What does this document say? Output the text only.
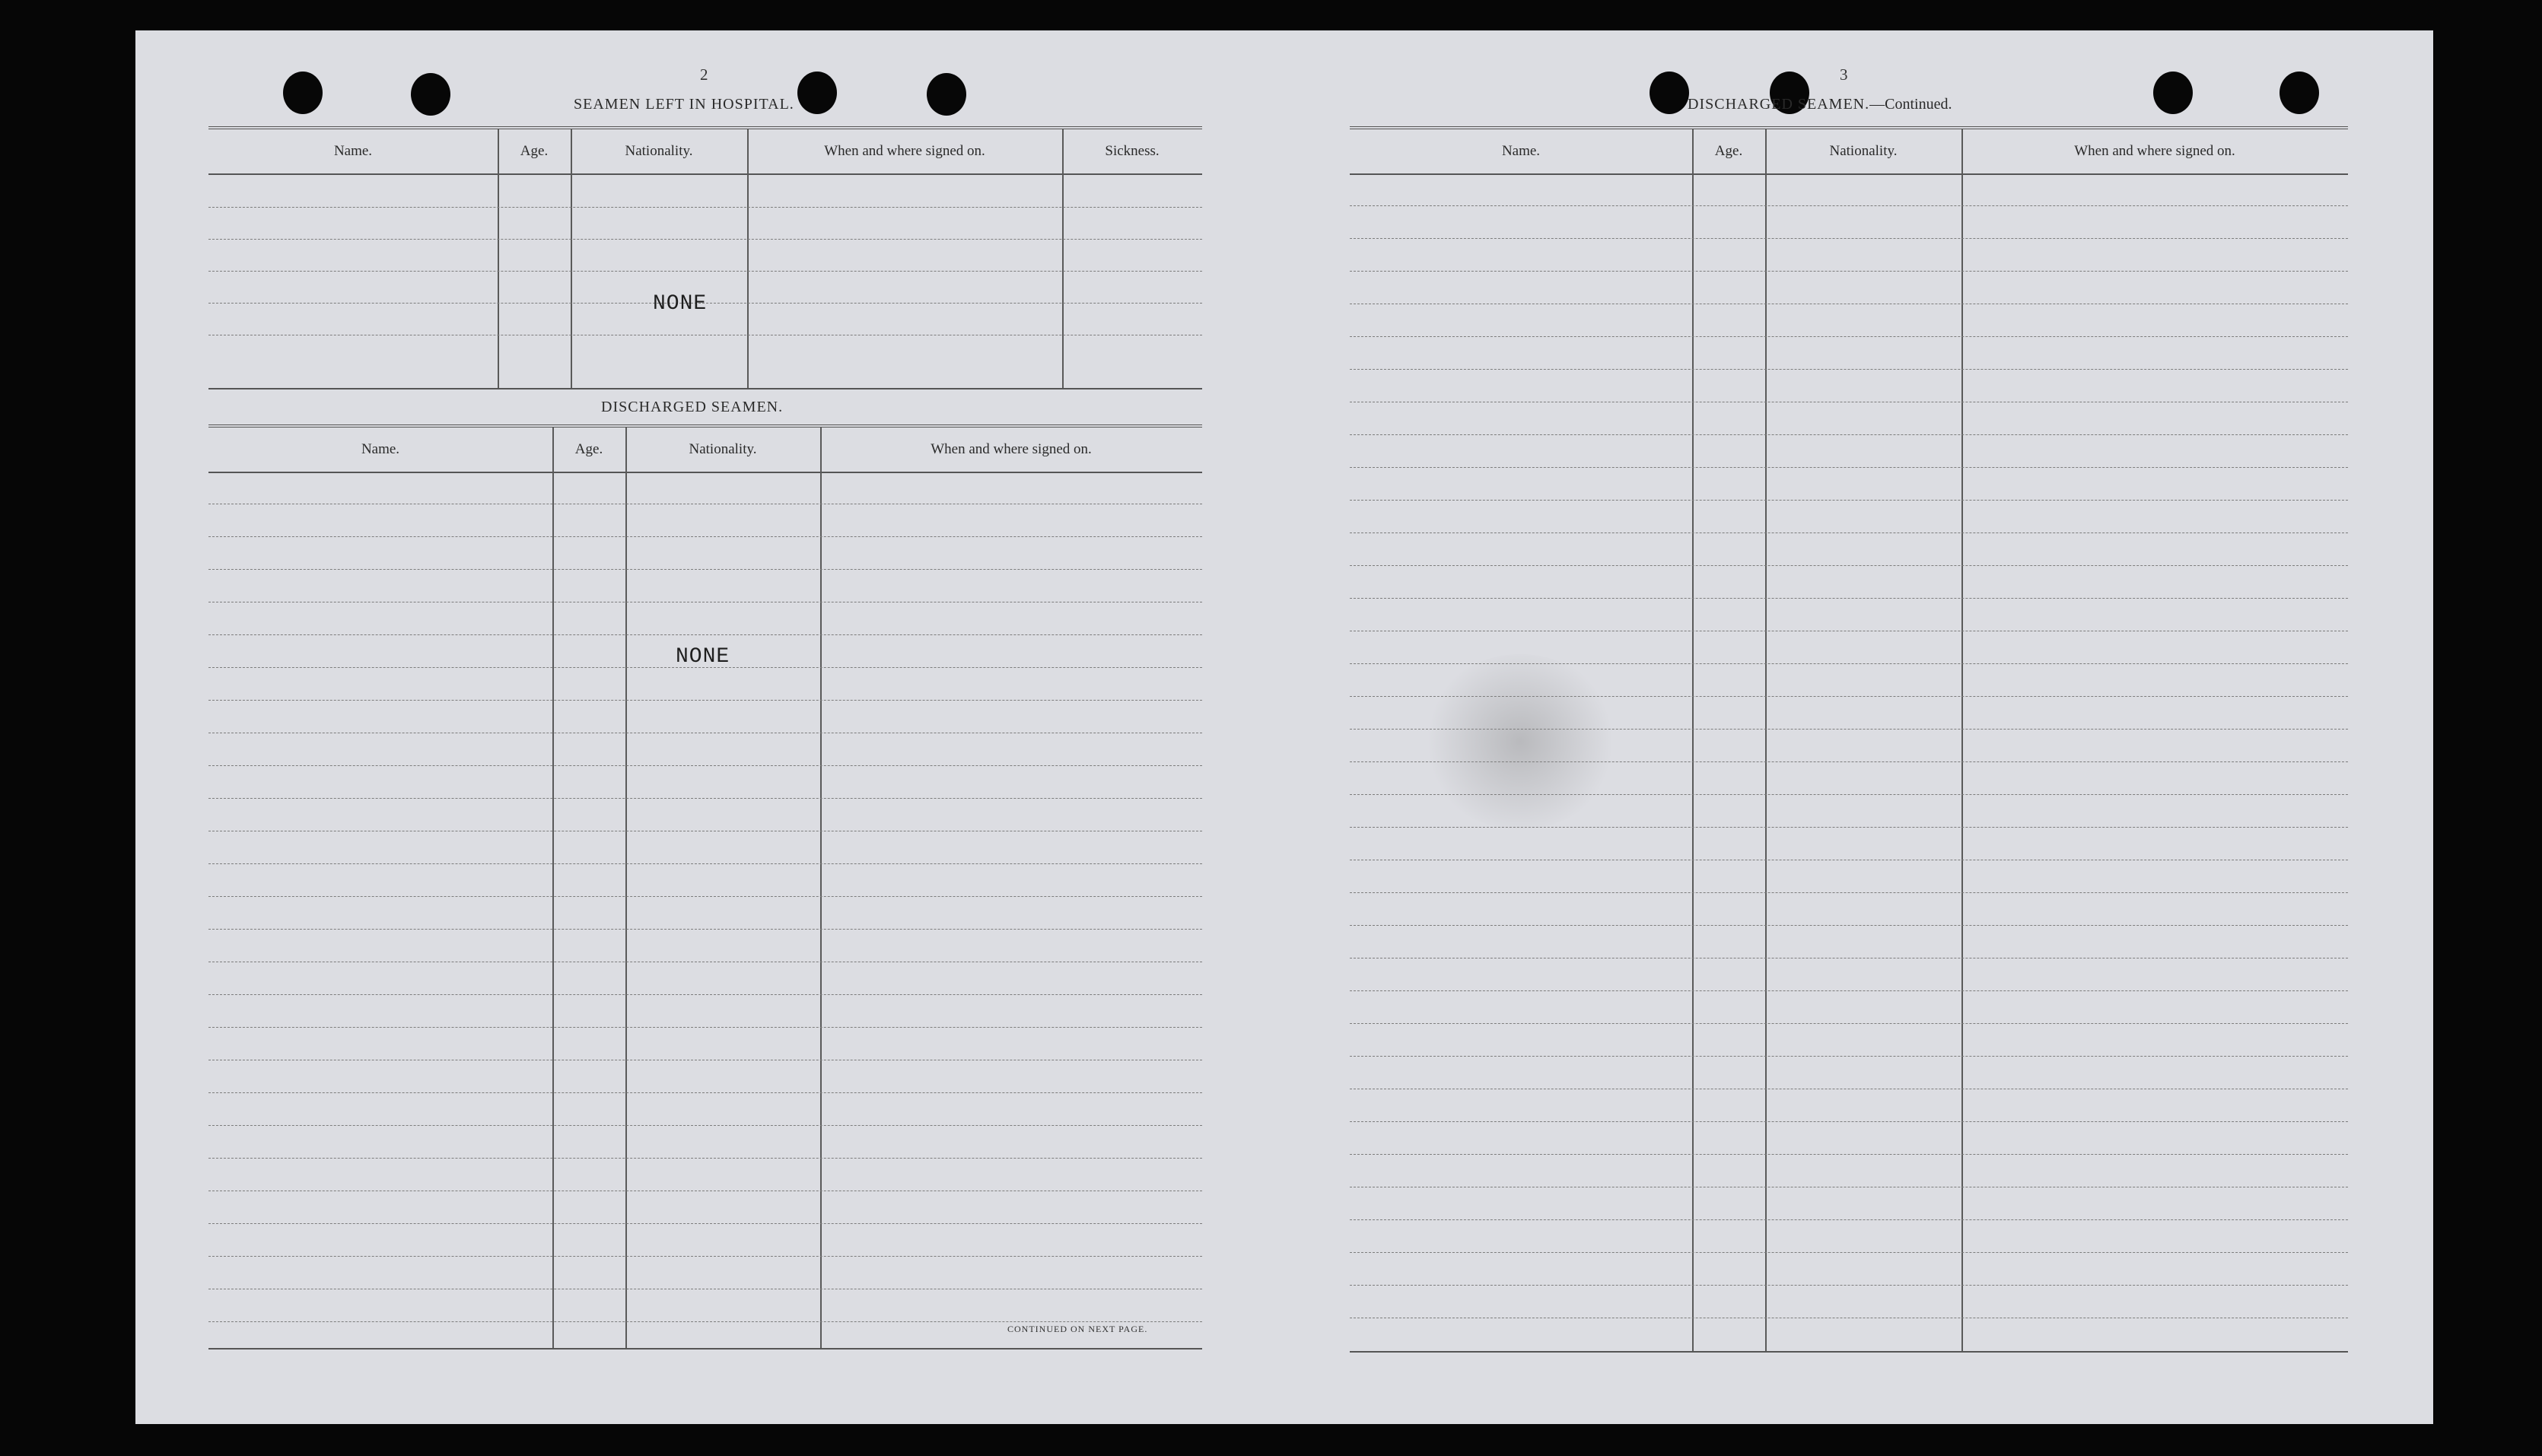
2
SEAMEN LEFT IN HOSPITAL.
Name.	Age.	Nationality.	When and where signed on.	Sickness.
NONE
DISCHARGED SEAMEN.
Name.	Age.	Nationality.	When and where signed on.
NONE
CONTINUED ON NEXT PAGE.
3
DISCHARGED SEAMEN.—Continued.
Name.	Age.	Nationality.	When and where signed on.
